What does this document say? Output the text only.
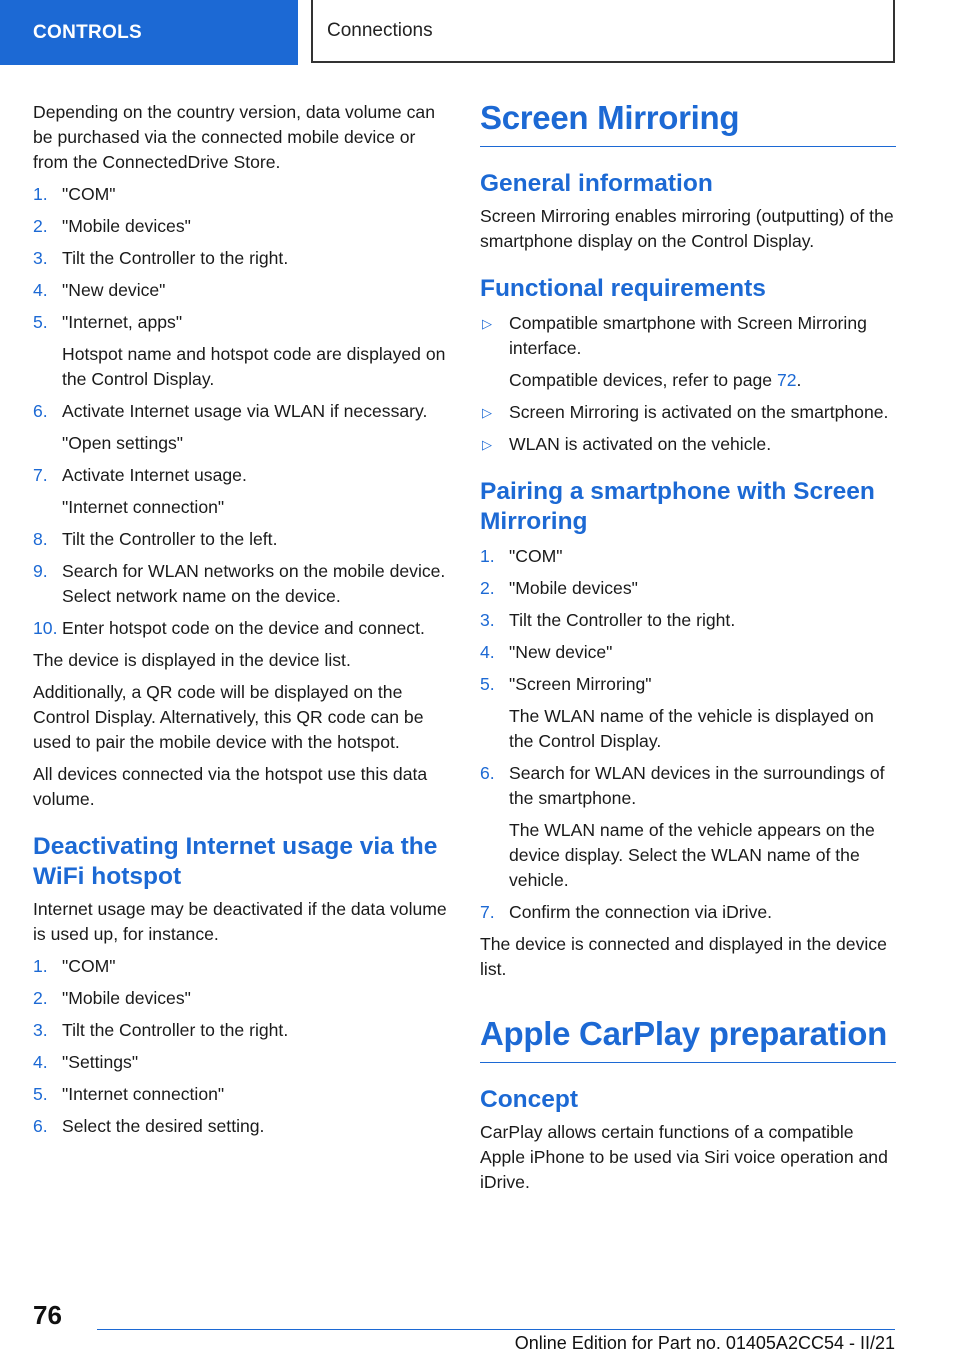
CONTROLS	Connections

Depending on the country version, data volume can be purchased via the connected mobile device or from the ConnectedDrive Store.

1. "COM"
2. "Mobile devices"
3. Tilt the Controller to the right.
4. "New device"
5. "Internet, apps"
Hotspot name and hotspot code are displayed on the Control Display.
6. Activate Internet usage via WLAN if necessary.
"Open settings"
7. Activate Internet usage.
"Internet connection"
8. Tilt the Controller to the left.
9. Search for WLAN networks on the mobile device. Select network name on the device.
10. Enter hotspot code on the device and connect.

The device is displayed in the device list.

Additionally, a QR code will be displayed on the Control Display. Alternatively, this QR code can be used to pair the mobile device with the hotspot.

All devices connected via the hotspot use this data volume.

Deactivating Internet usage via the WiFi hotspot

Internet usage may be deactivated if the data volume is used up, for instance.

1. "COM"
2. "Mobile devices"
3. Tilt the Controller to the right.
4. "Settings"
5. "Internet connection"
6. Select the desired setting.
Screen Mirroring
General information

Screen Mirroring enables mirroring (outputting) of the smartphone display on the Control Display.

Functional requirements
▷ Compatible smartphone with Screen Mirroring interface.
Compatible devices, refer to page 72.
▷ Screen Mirroring is activated on the smartphone.
▷ WLAN is activated on the vehicle.
Pairing a smartphone with Screen Mirroring
1. "COM"
2. "Mobile devices"
3. Tilt the Controller to the right.
4. "New device"
5. "Screen Mirroring"
The WLAN name of the vehicle is displayed on the Control Display.
6. Search for WLAN devices in the surroundings of the smartphone.
The WLAN name of the vehicle appears on the device display. Select the WLAN name of the vehicle.
7. Confirm the connection via iDrive.

The device is connected and displayed in the device list.

Apple CarPlay preparation
Concept

CarPlay allows certain functions of a compatible Apple iPhone to be used via Siri voice operation and iDrive.

76
Online Edition for Part no. 01405A2CC54 - II/21
